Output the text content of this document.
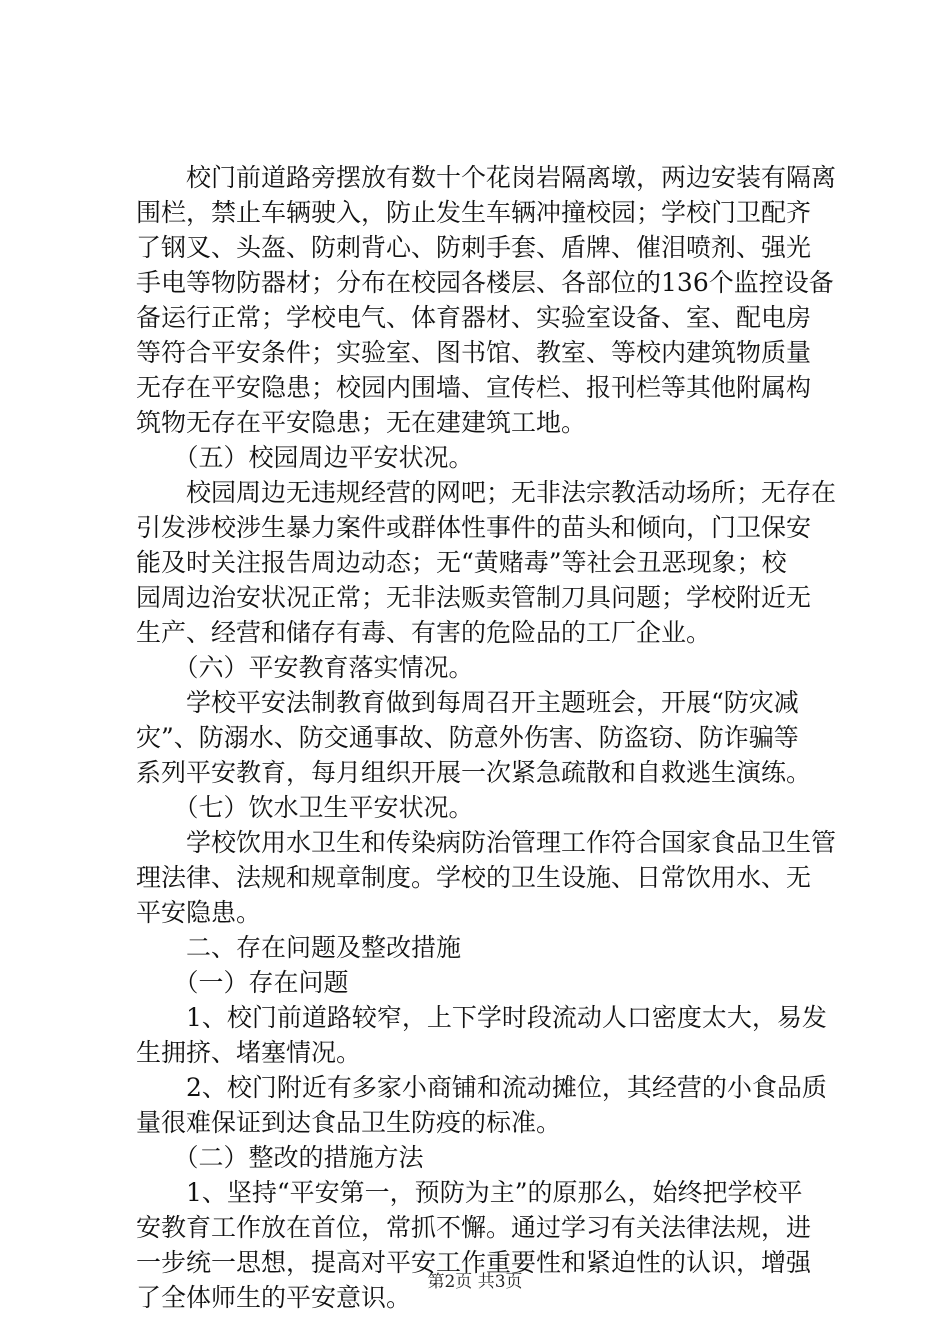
　　校门前道路旁摆放有数十个花岗岩隔离墩，两边安装有隔离
围栏，禁止车辆驶入，防止发生车辆冲撞校园；学校门卫配齐
了钢叉、头盔、防刺背心、防刺手套、盾牌、催泪喷剂、强光
手电等物防器材；分布在校园各楼层、各部位的136个监控设备
备运行正常；学校电气、体育器材、实验室设备、室、配电房
等符合平安条件；实验室、图书馆、教室、等校内建筑物质量
无存在平安隐患；校园内围墙、宣传栏、报刊栏等其他附属构
筑物无存在平安隐患；无在建建筑工地。
　　（五）校园周边平安状况。
　　校园周边无违规经营的网吧；无非法宗教活动场所；无存在
引发涉校涉生暴力案件或群体性事件的苗头和倾向，门卫保安
能及时关注报告周边动态；无“黄赌毒”等社会丑恶现象；校
园周边治安状况正常；无非法贩卖管制刀具问题；学校附近无
生产、经营和储存有毒、有害的危险品的工厂企业。
　　（六）平安教育落实情况。
　　学校平安法制教育做到每周召开主题班会，开展“防灾减
灾”、防溺水、防交通事故、防意外伤害、防盗窃、防诈骗等
系列平安教育，每月组织开展一次紧急疏散和自救逃生演练。
　　（七）饮水卫生平安状况。
　　学校饮用水卫生和传染病防治管理工作符合国家食品卫生管
理法律、法规和规章制度。学校的卫生设施、日常饮用水、无
平安隐患。
　　二、存在问题及整改措施
　　（一）存在问题
　　1、校门前道路较窄，上下学时段流动人口密度太大，易发
生拥挤、堵塞情况。
　　2、校门附近有多家小商铺和流动摊位，其经营的小食品质
量很难保证到达食品卫生防疫的标准。
　　（二）整改的措施方法
　　1、坚持“平安第一，预防为主”的原那么，始终把学校平
安教育工作放在首位，常抓不懈。通过学习有关法律法规，进
一步统一思想，提高对平安工作重要性和紧迫性的认识，增强
了全体师生的平安意识。
第2页 共3页
